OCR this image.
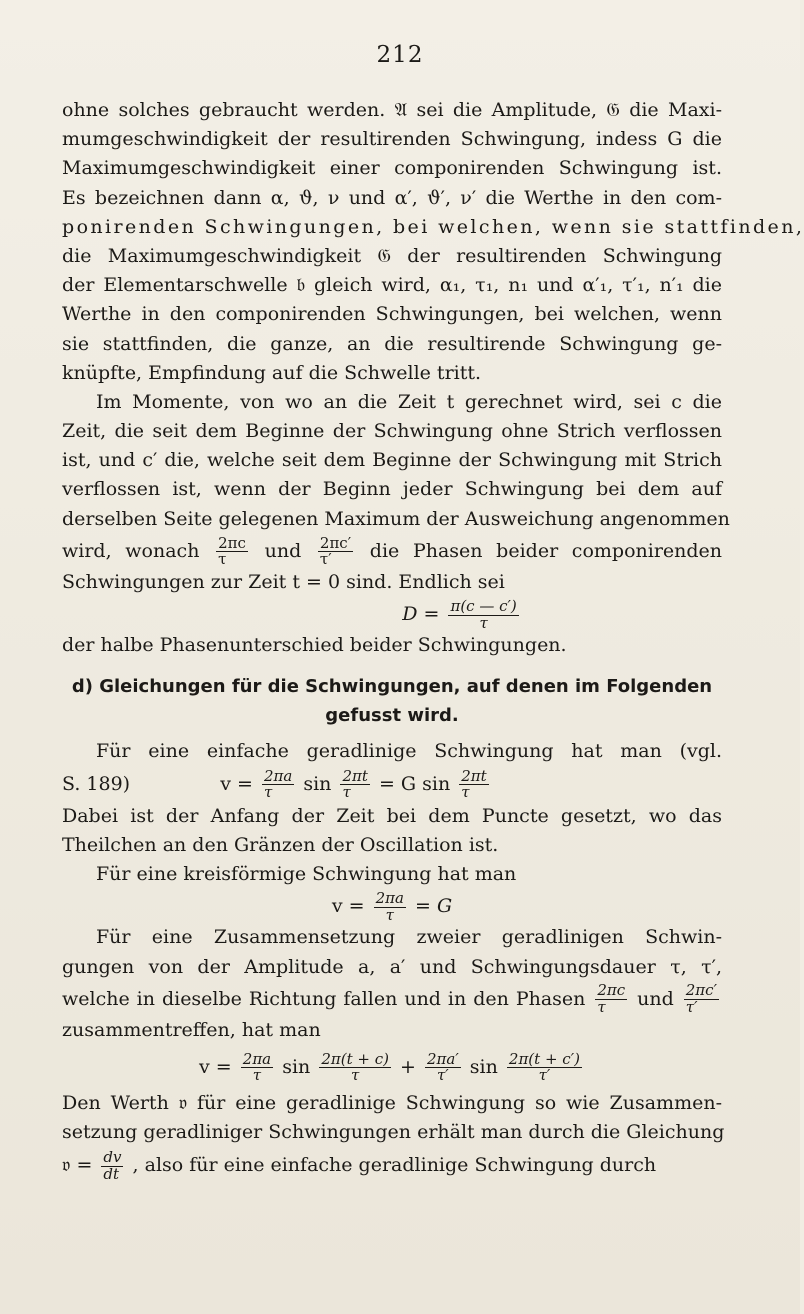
212
ohne solches gebraucht werden. 𝔄 sei die Amplitude, 𝔊 die Maxi-
mumgeschwindigkeit der resultirenden Schwingung, indess G die
Maximumgeschwindigkeit einer componirenden Schwingung ist.
Es bezeichnen dann α, ϑ, ν und α′, ϑ′, ν′ die Werthe in den com-
ponirenden Schwingungen, bei welchen, wenn sie stattfinden,
die Maximumgeschwindigkeit 𝔊 der resultirenden Schwingung
der Elementarschwelle 𝔟 gleich wird, α₁, τ₁, n₁ und α′₁, τ′₁, n′₁ die
Werthe in den componirenden Schwingungen, bei welchen, wenn
sie stattfinden, die ganze, an die resultirende Schwingung ge-
knüpfte, Empfindung auf die Schwelle tritt.
Im Momente, von wo an die Zeit t gerechnet wird, sei c die
Zeit, die seit dem Beginne der Schwingung ohne Strich verflossen
ist, und c′ die, welche seit dem Beginne der Schwingung mit Strich
verflossen ist, wenn der Beginn jeder Schwingung bei dem auf
derselben Seite gelegenen Maximum der Ausweichung angenommen
wird, wonach $\frac{2\pi c}{\tau}$ und $\frac{2\pi c'}{\tau'}$ die Phasen beider componirenden
Schwingungen zur Zeit t = 0 sind. Endlich sei
$D = \frac{\pi(c — c')}{\tau}$
der halbe Phasenunterschied beider Schwingungen.
d) Gleichungen für die Schwingungen, auf denen im Folgenden
gefusst wird.
Für eine einfache geradlinige Schwingung hat man (vgl.
S. 189)	$v = \frac{2\pi a}{\tau}$ $\sin \frac{2\pi t}{\tau} = G$ $\sin \frac{2\pi t}{\tau}$
Dabei ist der Anfang der Zeit bei dem Puncte gesetzt, wo das
Theilchen an den Gränzen der Oscillation ist.
Für eine kreisförmige Schwingung hat man
$v = \frac{2\pi a}{\tau} = G$
Für eine Zusammensetzung zweier geradlinigen Schwin-
gungen von der Amplitude a, a′ und Schwingungsdauer τ, τ′,
welche in dieselbe Richtung fallen und in den Phasen $\frac{2\pi c}{\tau}$ und $\frac{2\pi c'}{\tau'}$
zusammentreffen, hat man
$v = \frac{2\pi a}{\tau}$ $\sin \frac{2\pi(t + c)}{\tau} + \frac{2\pi a'}{\tau'}$ $\sin \frac{2\pi(t + c')}{\tau'}$
Den Werth 𝔳 für eine geradlinige Schwingung so wie Zusammen-
setzung geradliniger Schwingungen erhält man durch die Gleichung
𝔳 = $\frac{dv}{dt}$ , also für eine einfache geradlinige Schwingung durch
